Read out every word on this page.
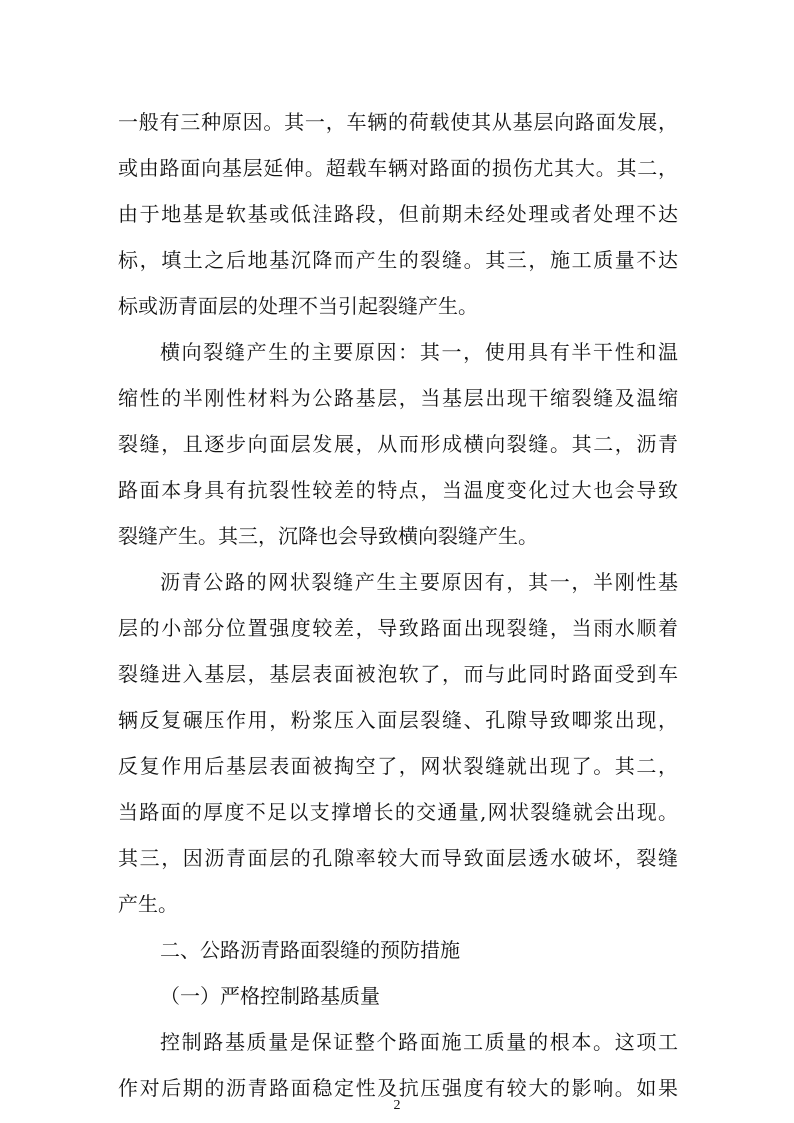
一般有三种原因。其一，车辆的荷载使其从基层向路面发展，
或由路面向基层延伸。超载车辆对路面的损伤尤其大。其二，
由于地基是软基或低洼路段，但前期未经处理或者处理不达
标，填土之后地基沉降而产生的裂缝。其三，施工质量不达
标或沥青面层的处理不当引起裂缝产生。
横向裂缝产生的主要原因：其一，使用具有半干性和温
缩性的半刚性材料为公路基层，当基层出现干缩裂缝及温缩
裂缝，且逐步向面层发展，从而形成横向裂缝。其二，沥青
路面本身具有抗裂性较差的特点，当温度变化过大也会导致
裂缝产生。其三，沉降也会导致横向裂缝产生。
沥青公路的网状裂缝产生主要原因有，其一，半刚性基
层的小部分位置强度较差，导致路面出现裂缝，当雨水顺着
裂缝进入基层，基层表面被泡软了，而与此同时路面受到车
辆反复碾压作用，粉浆压入面层裂缝、孔隙导致唧浆出现，
反复作用后基层表面被掏空了，网状裂缝就出现了。其二，
当路面的厚度不足以支撑增长的交通量,网状裂缝就会出现。
其三，因沥青面层的孔隙率较大而导致面层透水破坏，裂缝
产生。
二、公路沥青路面裂缝的预防措施
（一）严格控制路基质量
控制路基质量是保证整个路面施工质量的根本。这项工
作对后期的沥青路面稳定性及抗压强度有较大的影响。如果
2
